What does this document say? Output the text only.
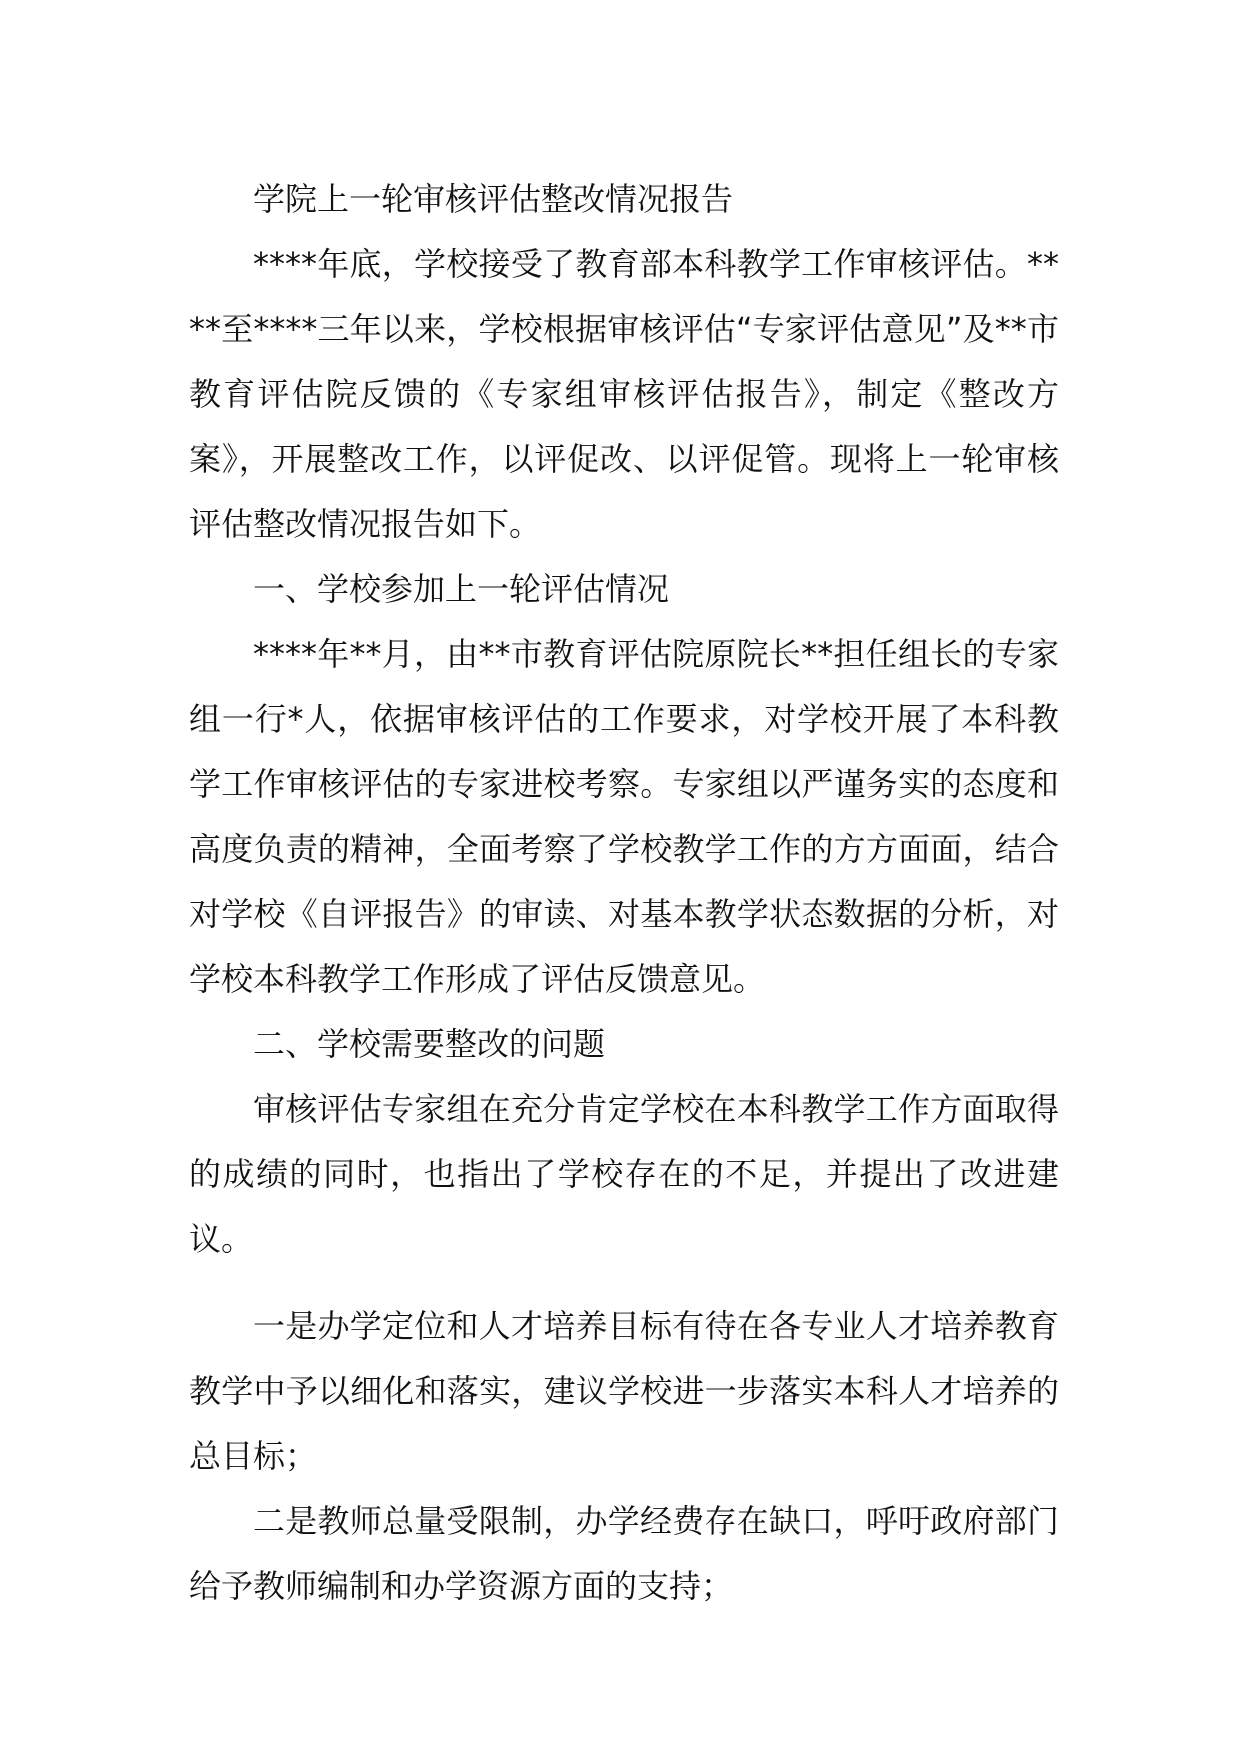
学院上一轮审核评估整改情况报告

****年底，学校接受了教育部本科教学工作审核评估。****至****三年以来，学校根据审核评估“专家评估意见”及**市教育评估院反馈的《专家组审核评估报告》，制定《整改方案》，开展整改工作，以评促改、以评促管。现将上一轮审核评估整改情况报告如下。

一、学校参加上一轮评估情况

****年**月，由**市教育评估院原院长**担任组长的专家组一行*人，依据审核评估的工作要求，对学校开展了本科教学工作审核评估的专家进校考察。专家组以严谨务实的态度和高度负责的精神，全面考察了学校教学工作的方方面面，结合对学校《自评报告》的审读、对基本教学状态数据的分析，对学校本科教学工作形成了评估反馈意见。

二、学校需要整改的问题

审核评估专家组在充分肯定学校在本科教学工作方面取得的成绩的同时，也指出了学校存在的不足，并提出了改进建议。

一是办学定位和人才培养目标有待在各专业人才培养教育教学中予以细化和落实，建议学校进一步落实本科人才培养的总目标；

二是教师总量受限制，办学经费存在缺口，呼吁政府部门给予教师编制和办学资源方面的支持；
